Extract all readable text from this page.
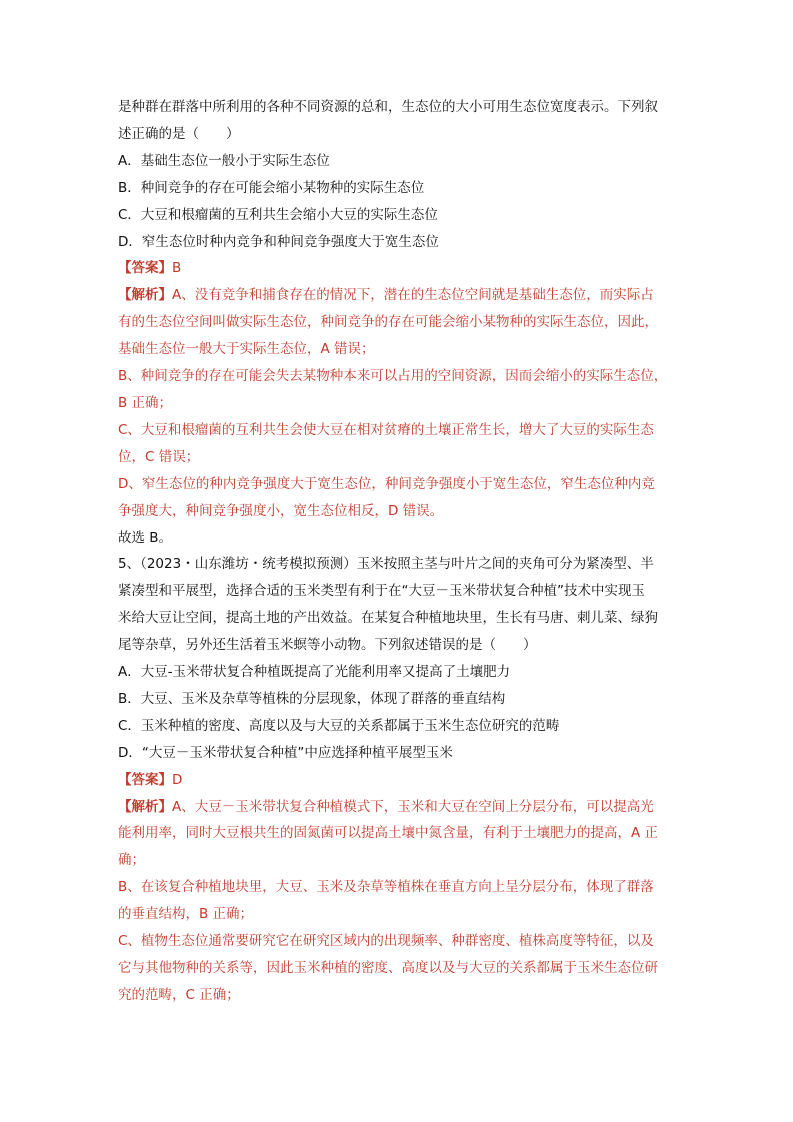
是种群在群落中所利用的各种不同资源的总和，生态位的大小可用生态位宽度表示。下列叙
述正确的是（　　）
A．基础生态位一般小于实际生态位
B．种间竞争的存在可能会缩小某物种的实际生态位
C．大豆和根瘤菌的互利共生会缩小大豆的实际生态位
D．窄生态位时种内竞争和种间竞争强度大于宽生态位
【答案】B
【解析】A、没有竞争和捕食存在的情况下，潜在的生态位空间就是基础生态位，而实际占
有的生态位空间叫做实际生态位，种间竞争的存在可能会缩小某物种的实际生态位，因此，
基础生态位一般大于实际生态位，A 错误；
B、种间竞争的存在可能会失去某物种本来可以占用的空间资源，因而会缩小的实际生态位，
B 正确；
C、大豆和根瘤菌的互利共生会使大豆在相对贫瘠的土壤正常生长，增大了大豆的实际生态
位，C 错误；
D、窄生态位的种内竞争强度大于宽生态位，种间竞争强度小于宽生态位，窄生态位种内竞
争强度大，种间竞争强度小，宽生态位相反，D 错误。
故选 B。
5、（2023・山东潍坊・统考模拟预测）玉米按照主茎与叶片之间的夹角可分为紧凑型、半
紧凑型和平展型，选择合适的玉米类型有利于在“大豆－玉米带状复合种植”技术中实现玉
米给大豆让空间，提高土地的产出效益。在某复合种植地块里，生长有马唐、刺儿菜、绿狗
尾等杂草，另外还生活着玉米螟等小动物。下列叙述错误的是（　　）
A．大豆-玉米带状复合种植既提高了光能利用率又提高了土壤肥力
B．大豆、玉米及杂草等植株的分层现象，体现了群落的垂直结构
C．玉米种植的密度、高度以及与大豆的关系都属于玉米生态位研究的范畴
D．“大豆－玉米带状复合种植”中应选择种植平展型玉米
【答案】D
【解析】A、大豆－玉米带状复合种植模式下，玉米和大豆在空间上分层分布，可以提高光
能利用率，同时大豆根共生的固氮菌可以提高土壤中氮含量，有利于土壤肥力的提高，A 正
确；
B、在该复合种植地块里，大豆、玉米及杂草等植株在垂直方向上呈分层分布，体现了群落
的垂直结构，B 正确；
C、植物生态位通常要研究它在研究区域内的出现频率、种群密度、植株高度等特征，以及
它与其他物种的关系等，因此玉米种植的密度、高度以及与大豆的关系都属于玉米生态位研
究的范畴，C 正确；
